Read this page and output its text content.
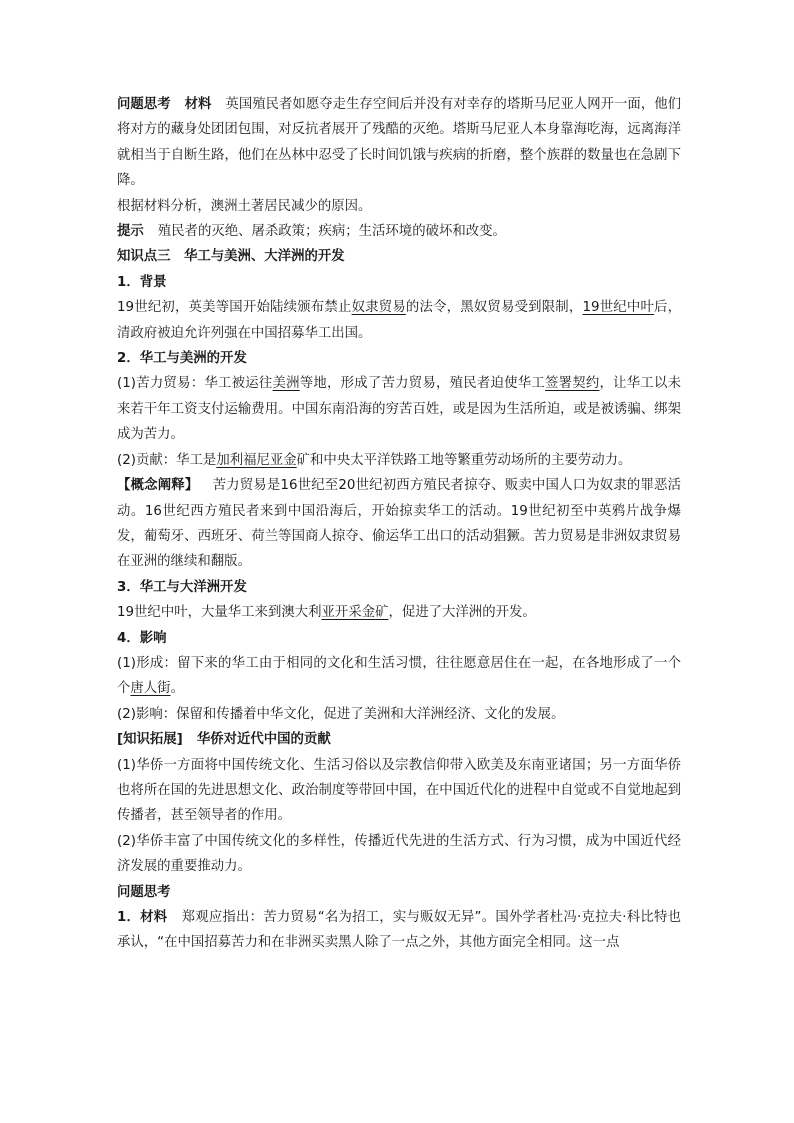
问题思考 材料 英国殖民者如愿夺走生存空间后并没有对幸存的塔斯马尼亚人网开一面，他们将对方的藏身处团团包围，对反抗者展开了残酷的灭绝。塔斯马尼亚人本身靠海吃海，远离海洋就相当于自断生路，他们在丛林中忍受了长时间饥饿与疾病的折磨，整个族群的数量也在急剧下降。

根据材料分析，澳洲土著居民减少的原因。

提示 殖民者的灭绝、屠杀政策；疾病；生活环境的破坏和改变。

知识点三　华工与美洲、大洋洲的开发

1．背景

19世纪初，英美等国开始陆续颁布禁止奴隶贸易的法令，黑奴贸易受到限制，19世纪中叶后，清政府被迫允许列强在中国招募华工出国。

2．华工与美洲的开发

(1)苦力贸易：华工被运往美洲等地，形成了苦力贸易，殖民者迫使华工签署契约，让华工以未来若干年工资支付运输费用。中国东南沿海的穷苦百姓，或是因为生活所迫，或是被诱骗、绑架成为苦力。

(2)贡献：华工是加利福尼亚金矿和中央太平洋铁路工地等繁重劳动场所的主要劳动力。

【概念阐释】 苦力贸易是16世纪至20世纪初西方殖民者掠夺、贩卖中国人口为奴隶的罪恶活动。16世纪西方殖民者来到中国沿海后，开始掠卖华工的活动。19世纪初至中英鸦片战争爆发，葡萄牙、西班牙、荷兰等国商人掠夺、偷运华工出口的活动猖獗。苦力贸易是非洲奴隶贸易在亚洲的继续和翻版。

3．华工与大洋洲开发

19世纪中叶，大量华工来到澳大利亚开采金矿，促进了大洋洲的开发。

4．影响

(1)形成：留下来的华工由于相同的文化和生活习惯，往往愿意居住在一起，在各地形成了一个个唐人街。

(2)影响：保留和传播着中华文化，促进了美洲和大洋洲经济、文化的发展。

[知识拓展] 华侨对近代中国的贡献

(1)华侨一方面将中国传统文化、生活习俗以及宗教信仰带入欧美及东南亚诸国；另一方面华侨也将所在国的先进思想文化、政治制度等带回中国，在中国近代化的进程中自觉或不自觉地起到传播者，甚至领导者的作用。

(2)华侨丰富了中国传统文化的多样性，传播近代先进的生活方式、行为习惯，成为中国近代经济发展的重要推动力。

问题思考

1．材料 郑观应指出：苦力贸易“名为招工，实与贩奴无异”。国外学者杜冯·克拉夫·科比特也承认，“在中国招募苦力和在非洲买卖黑人除了一点之外，其他方面完全相同。这一点
